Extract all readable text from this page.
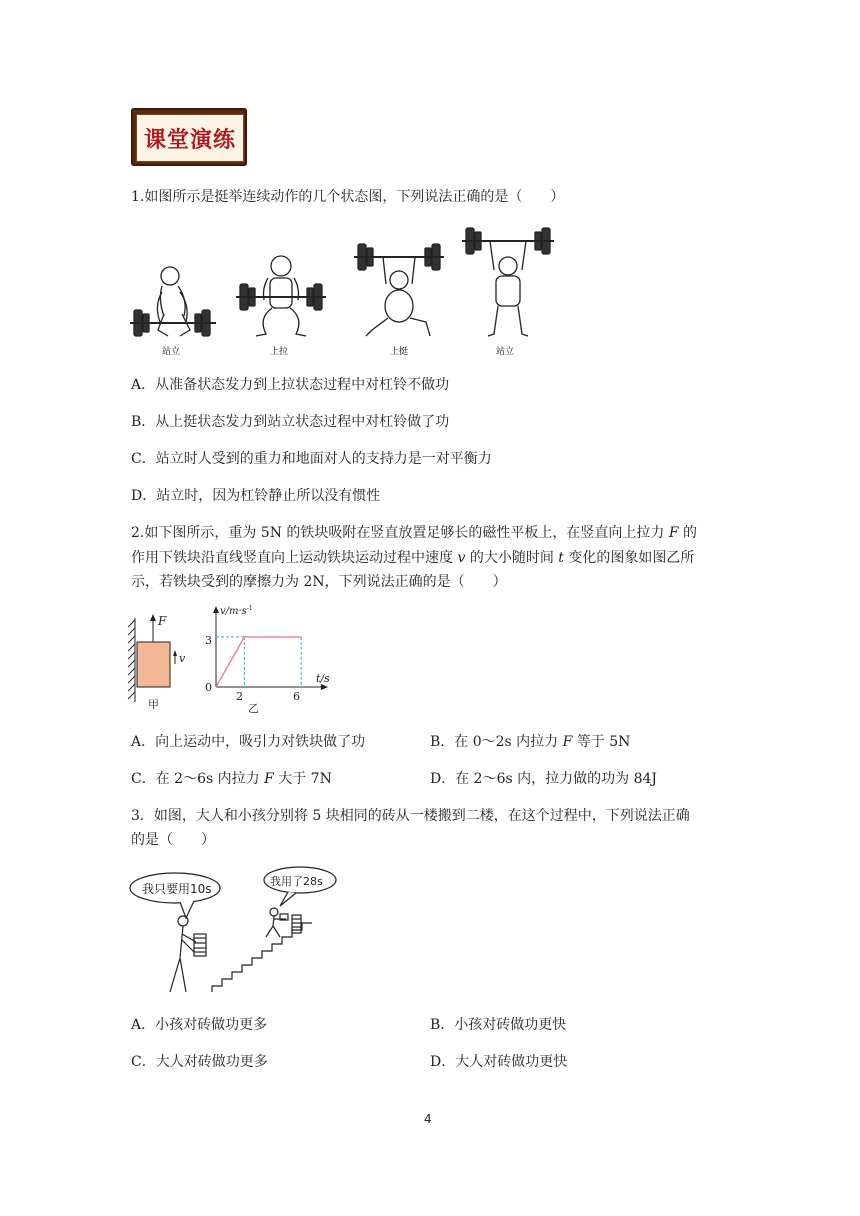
课堂演练
1.如图所示是挺举连续动作的几个状态图，下列说法正确的是（　　）
站立	上拉	上挺	站立
A．从准备状态发力到上拉状态过程中对杠铃不做功
B．从上挺状态发力到站立状态过程中对杠铃做了功
C．站立时人受到的重力和地面对人的支持力是一对平衡力
D．站立时，因为杠铃静止所以没有惯性
2.如下图所示，重为 5N 的铁块吸附在竖直放置足够长的磁性平板上，在竖直向上拉力 F 的
作用下铁块沿直线竖直向上运动铁块运动过程中速度 v 的大小随时间 t 变化的图象如图乙所
示，若铁块受到的摩擦力为 2N，下列说法正确的是（　　）
F
v
甲
$v/m\cdot s^{-1}$
t/s
0
3
2	6
乙
A．向上运动中，吸引力对铁块做了功	B．在 0～2s 内拉力 F 等于 5N
C．在 2～6s 内拉力 F 大于 7N	D．在 2～6s 内，拉力做的功为 84J
3．如图，大人和小孩分别将 5 块相同的砖从一楼搬到二楼，在这个过程中，下列说法正确
的是（　　）
我只要用10s
我用了28s
A．小孩对砖做功更多	B．小孩对砖做功更快
C．大人对砖做功更多	D．大人对砖做功更快
4
